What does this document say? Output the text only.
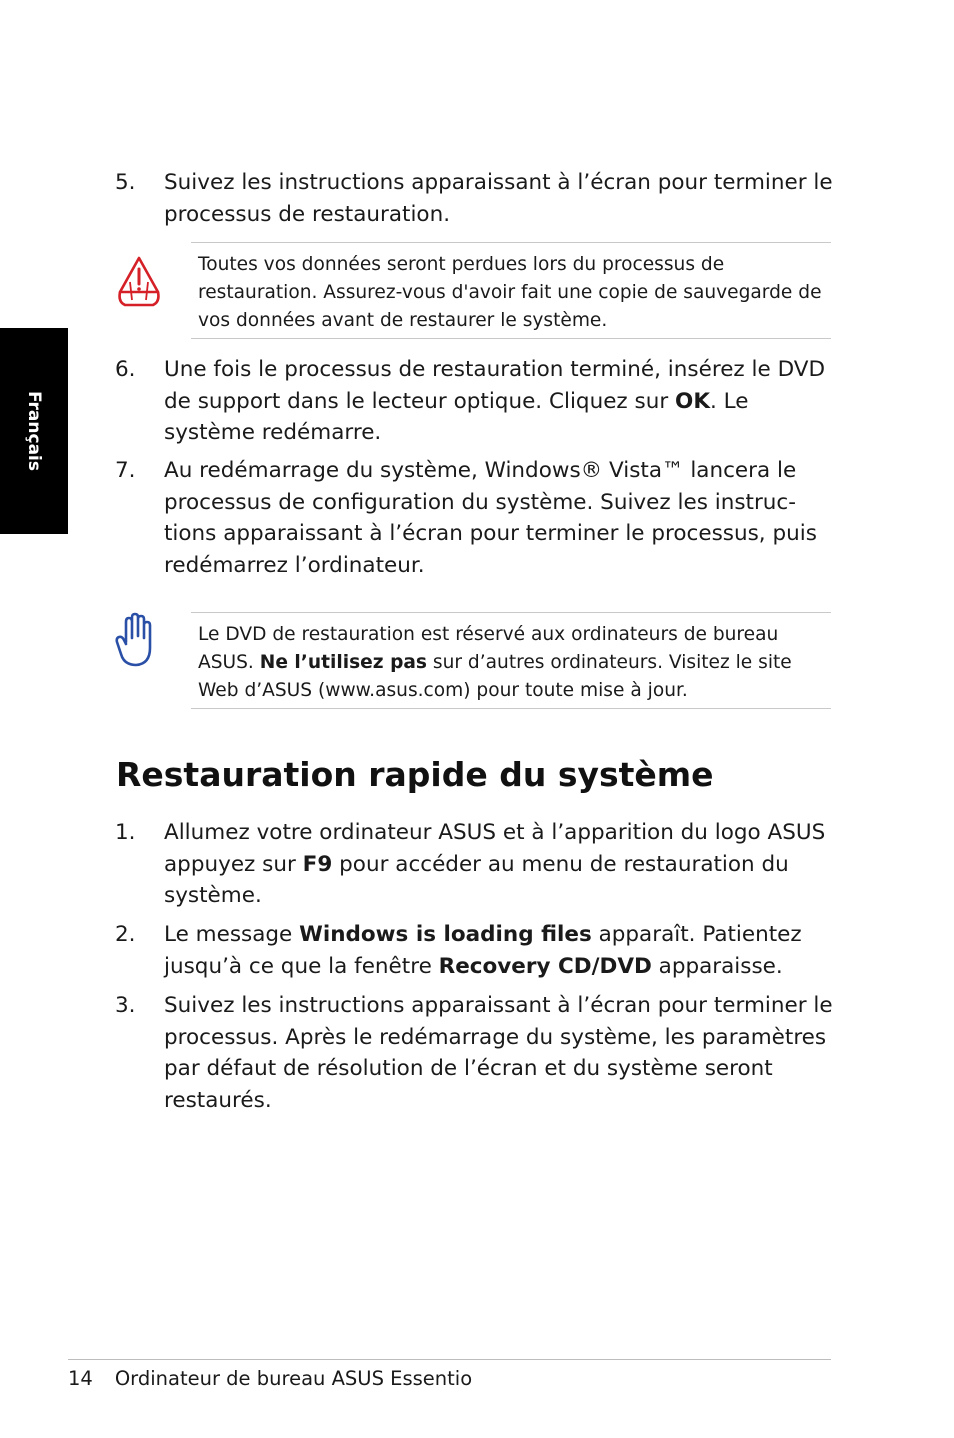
Français
5.	Suivez les instructions apparaissant à l’écran pour terminer le processus de restauration.
Toutes vos données seront perdues lors du processus de restauration. Assurez-vous d'avoir fait une copie de sauvegarde de vos données avant de restaurer le système.
6.	Une fois le processus de restauration terminé, insérez le DVD de support dans le lecteur optique. Cliquez sur OK. Le système redémarre.
7.	Au redémarrage du système, Windows® Vista™ lancera le processus de configuration du système. Suivez les instruc-tions apparaissant à l’écran pour terminer le processus, puis redémarrez l’ordinateur.
Le DVD de restauration est réservé aux ordinateurs de bureau ASUS. Ne l’utilisez pas sur d’autres ordinateurs. Visitez le site Web d’ASUS (www.asus.com) pour toute mise à jour.
Restauration rapide du système
1.	Allumez votre ordinateur ASUS et à l’apparition du logo ASUS appuyez sur F9 pour accéder au menu de restauration du système.
2.	Le message Windows is loading files apparaît. Patientez jusqu’à ce que la fenêtre Recovery CD/DVD apparaisse.
3.	Suivez les instructions apparaissant à l’écran pour terminer le processus. Après le redémarrage du système, les paramètres par défaut de résolution de l’écran et du système seront restaurés.
14 Ordinateur de bureau ASUS Essentio
